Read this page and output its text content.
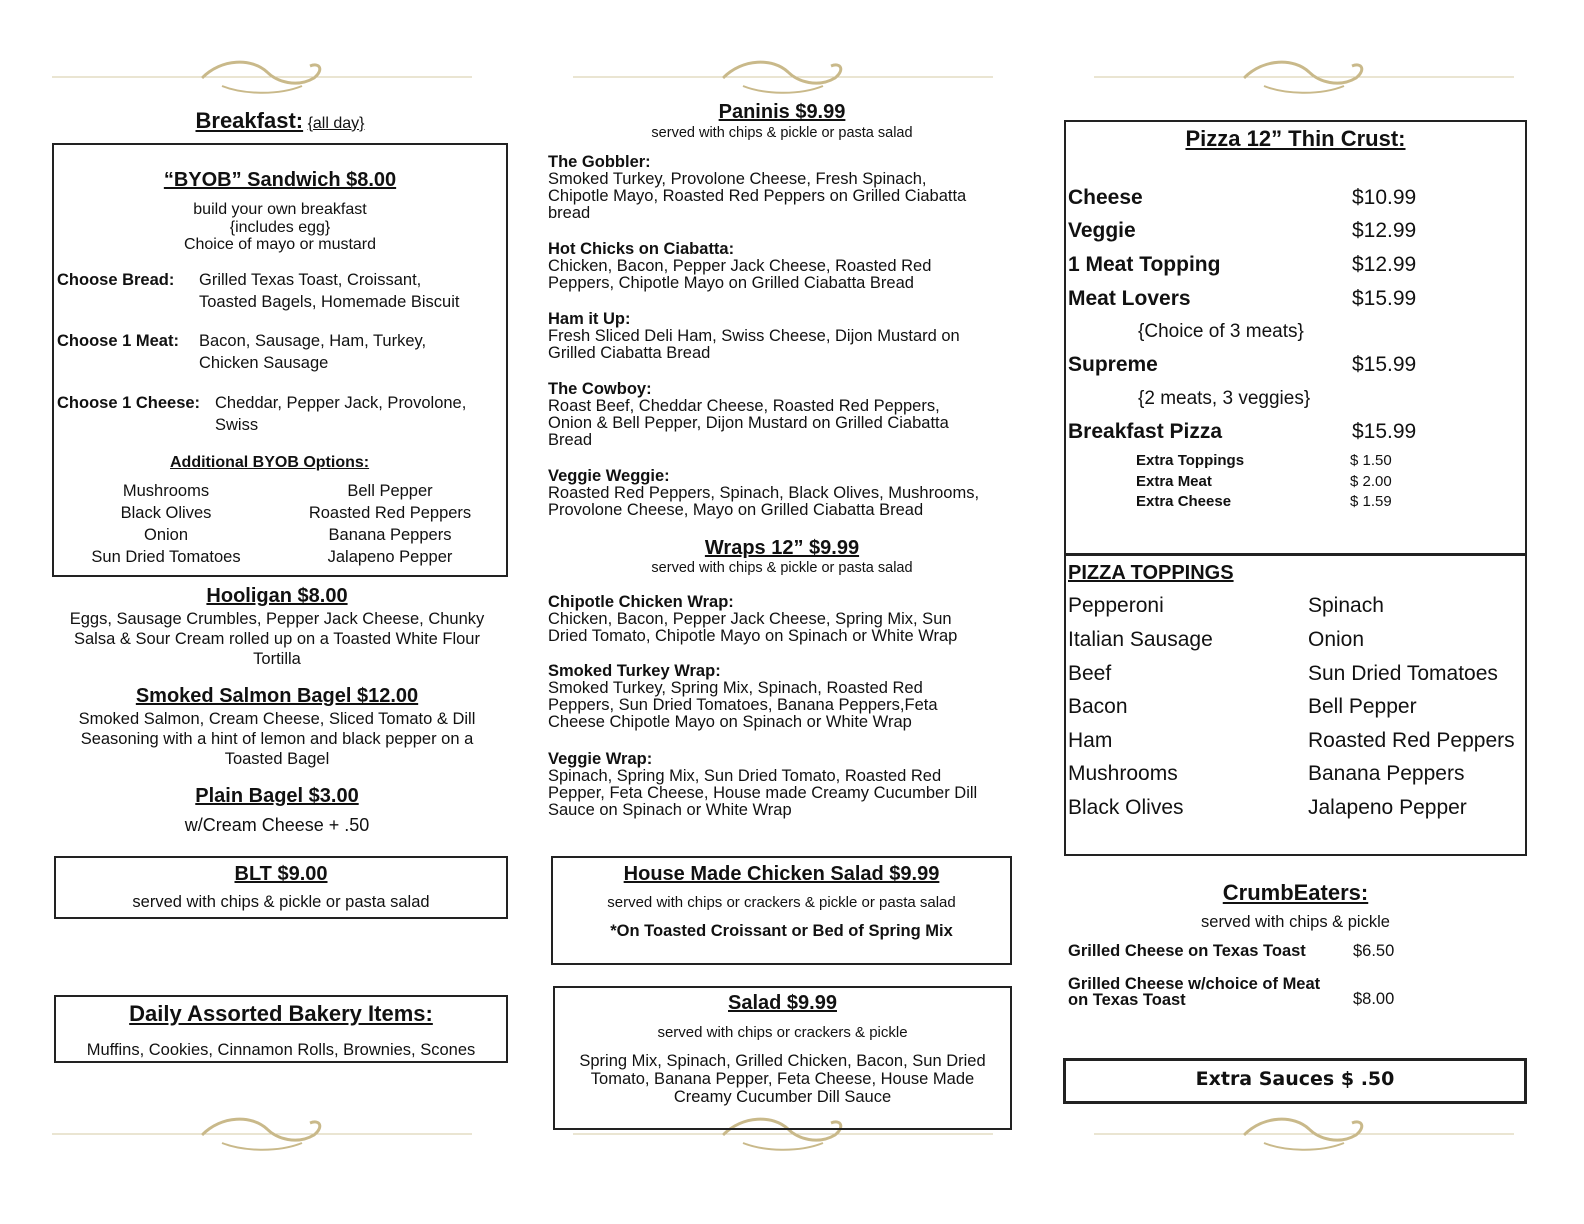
Breakfast: {all day}
“BYOB” Sandwich $8.00
build your own breakfast
{includes egg}
Choice of mayo or mustard
Choose Bread: Grilled Texas Toast, Croissant,
Toasted Bagels, Homemade Biscuit
Choose 1 Meat: Bacon, Sausage, Ham, Turkey,
Chicken Sausage
Choose 1 Cheese: Cheddar, Pepper Jack, Provolone,
Swiss
Additional BYOB Options:
Mushrooms	Bell Pepper
Black Olives	Roasted Red Peppers
Onion	Banana Peppers
Sun Dried Tomatoes	Jalapeno Pepper
Hooligan $8.00
Eggs, Sausage Crumbles, Pepper Jack Cheese, Chunky
Salsa & Sour Cream rolled up on a Toasted White Flour
Tortilla
Smoked Salmon Bagel $12.00
Smoked Salmon, Cream Cheese, Sliced Tomato & Dill
Seasoning with a hint of lemon and black pepper on a
Toasted Bagel
Plain Bagel $3.00
w/Cream Cheese + .50
BLT $9.00
served with chips & pickle or pasta salad
Daily Assorted Bakery Items:
Muffins, Cookies, Cinnamon Rolls, Brownies, Scones
Paninis $9.99
served with chips & pickle or pasta salad
The Gobbler:
Smoked Turkey, Provolone Cheese, Fresh Spinach,
Chipotle Mayo, Roasted Red Peppers on Grilled Ciabatta
bread
Hot Chicks on Ciabatta:
Chicken, Bacon, Pepper Jack Cheese, Roasted Red
Peppers, Chipotle Mayo on Grilled Ciabatta Bread
Ham it Up:
Fresh Sliced Deli Ham, Swiss Cheese, Dijon Mustard on
Grilled Ciabatta Bread
The Cowboy:
Roast Beef, Cheddar Cheese, Roasted Red Peppers,
Onion & Bell Pepper, Dijon Mustard on Grilled Ciabatta
Bread
Veggie Weggie:
Roasted Red Peppers, Spinach, Black Olives, Mushrooms,
Provolone Cheese, Mayo on Grilled Ciabatta Bread
Wraps 12” $9.99
served with chips & pickle or pasta salad
Chipotle Chicken Wrap:
Chicken, Bacon, Pepper Jack Cheese, Spring Mix, Sun
Dried Tomato, Chipotle Mayo on Spinach or White Wrap
Smoked Turkey Wrap:
Smoked Turkey, Spring Mix, Spinach, Roasted Red
Peppers, Sun Dried Tomatoes, Banana Peppers,Feta
Cheese Chipotle Mayo on Spinach or White Wrap
Veggie Wrap:
Spinach, Spring Mix, Sun Dried Tomato, Roasted Red
Pepper, Feta Cheese, House made Creamy Cucumber Dill
Sauce on Spinach or White Wrap
House Made Chicken Salad $9.99
served with chips or crackers & pickle or pasta salad
*On Toasted Croissant or Bed of Spring Mix
Salad $9.99
served with chips or crackers & pickle
Spring Mix, Spinach, Grilled Chicken, Bacon, Sun Dried
Tomato, Banana Pepper, Feta Cheese, House Made
Creamy Cucumber Dill Sauce
Pizza 12” Thin Crust:
Cheese	$10.99
Veggie	$12.99
1 Meat Topping	$12.99
Meat Lovers	$15.99
{Choice of 3 meats}
Supreme	$15.99
{2 meats, 3 veggies}
Breakfast Pizza	$15.99
Extra Toppings	$ 1.50
Extra Meat	$ 2.00
Extra Cheese	$ 1.59
PIZZA TOPPINGS
Pepperoni	Spinach
Italian Sausage	Onion
Beef	Sun Dried Tomatoes
Bacon	Bell Pepper
Ham	Roasted Red Peppers
Mushrooms	Banana Peppers
Black Olives	Jalapeno Pepper
CrumbEaters:
served with chips & pickle
Grilled Cheese on Texas Toast	$6.50
Grilled Cheese w/choice of Meat
on Texas Toast	$8.00
Extra Sauces $ .50
